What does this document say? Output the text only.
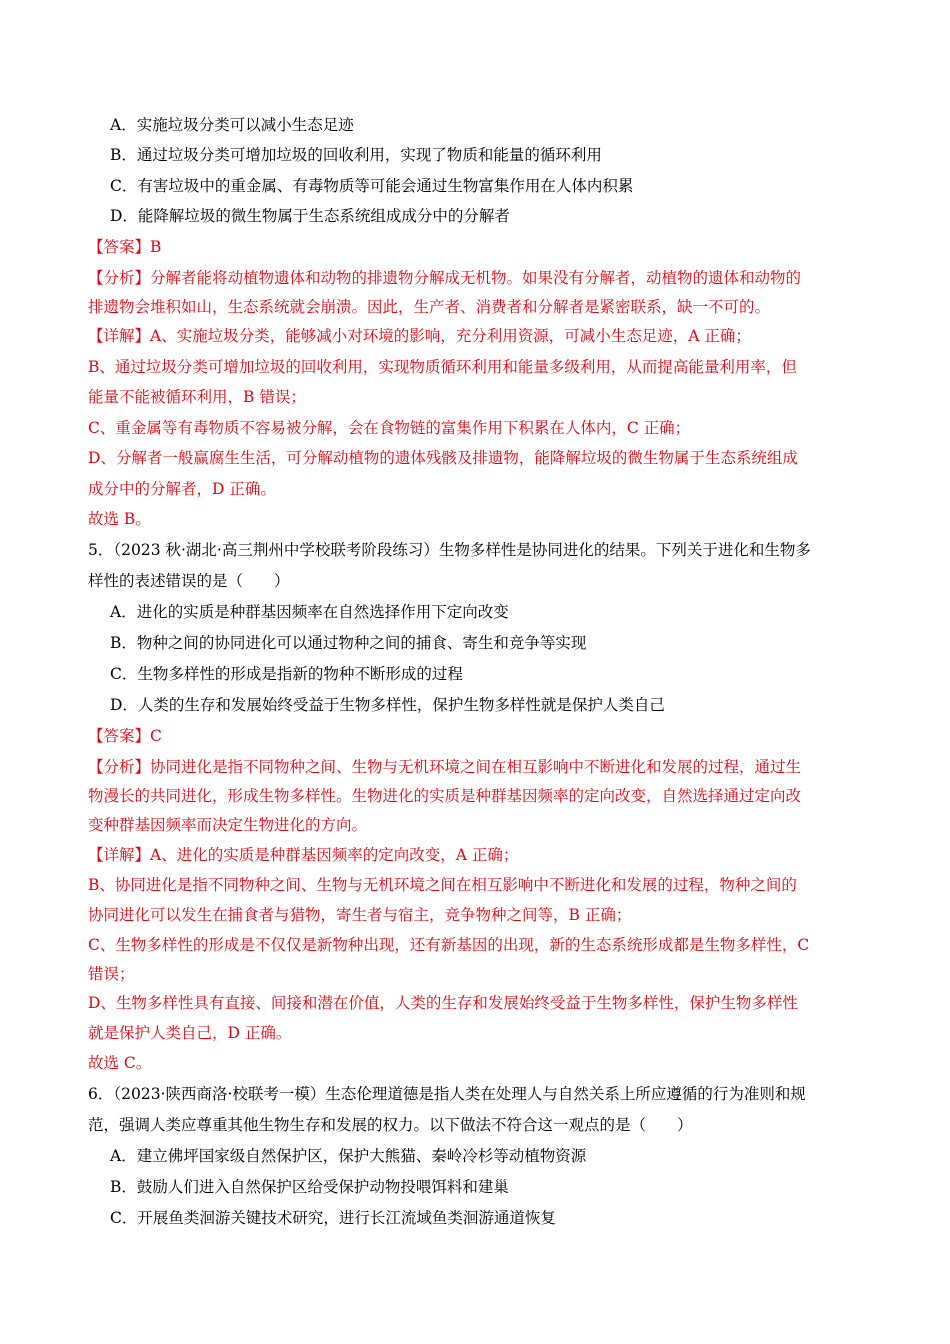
A．实施垃圾分类可以减小生态足迹
B．通过垃圾分类可增加垃圾的回收利用，实现了物质和能量的循环利用
C．有害垃圾中的重金属、有毒物质等可能会通过生物富集作用在人体内积累
D．能降解垃圾的微生物属于生态系统组成成分中的分解者
【答案】B
【分析】分解者能将动植物遗体和动物的排遗物分解成无机物。如果没有分解者，动植物的遗体和动物的
排遗物会堆积如山，生态系统就会崩溃。因此，生产者、消费者和分解者是紧密联系，缺一不可的。
【详解】A、实施垃圾分类，能够减小对环境的影响，充分利用资源，可减小生态足迹，A 正确；
B、通过垃圾分类可增加垃圾的回收利用，实现物质循环利用和能量多级利用，从而提高能量利用率，但
能量不能被循环利用，B 错误；
C、重金属等有毒物质不容易被分解，会在食物链的富集作用下积累在人体内，C 正确；
D、分解者一般赢腐生生活，可分解动植物的遗体残骸及排遗物，能降解垃圾的微生物属于生态系统组成
成分中的分解者，D 正确。
故选 B。
5．（2023 秋·湖北·高三荆州中学校联考阶段练习）生物多样性是协同进化的结果。下列关于进化和生物多
样性的表述错误的是（　　）
A．进化的实质是种群基因频率在自然选择作用下定向改变
B．物种之间的协同进化可以通过物种之间的捕食、寄生和竞争等实现
C．生物多样性的形成是指新的物种不断形成的过程
D．人类的生存和发展始终受益于生物多样性，保护生物多样性就是保护人类自己
【答案】C
【分析】协同进化是指不同物种之间、生物与无机环境之间在相互影响中不断进化和发展的过程，通过生
物漫长的共同进化，形成生物多样性。生物进化的实质是种群基因频率的定向改变，自然选择通过定向改
变种群基因频率而决定生物进化的方向。
【详解】A、进化的实质是种群基因频率的定向改变，A 正确；
B、协同进化是指不同物种之间、生物与无机环境之间在相互影响中不断进化和发展的过程，物种之间的
协同进化可以发生在捕食者与猎物，寄生者与宿主，竞争物种之间等，B 正确；
C、生物多样性的形成是不仅仅是新物种出现，还有新基因的出现，新的生态系统形成都是生物多样性，C
错误；
D、生物多样性具有直接、间接和潜在价值，人类的生存和发展始终受益于生物多样性，保护生物多样性
就是保护人类自己，D 正确。
故选 C。
6．（2023·陕西商洛·校联考一模）生态伦理道德是指人类在处理人与自然关系上所应遵循的行为准则和规
范，强调人类应尊重其他生物生存和发展的权力。以下做法不符合这一观点的是（　　）
A．建立佛坪国家级自然保护区，保护大熊猫、秦岭冷杉等动植物资源
B．鼓励人们进入自然保护区给受保护动物投喂饵料和建巢
C．开展鱼类洄游关键技术研究，进行长江流域鱼类洄游通道恢复
